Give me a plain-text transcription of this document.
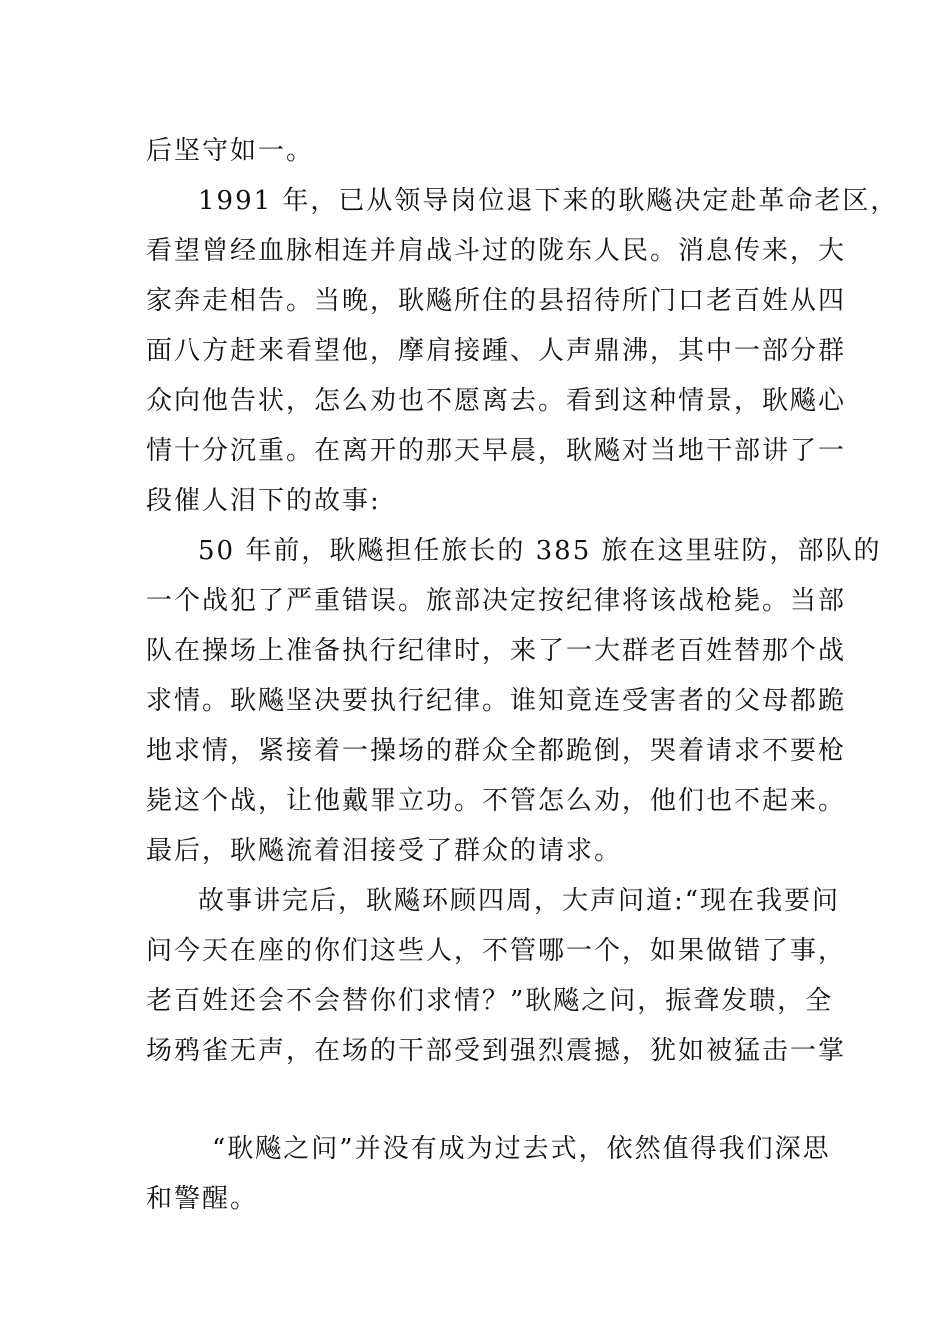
后坚守如一。
1991 年，已从领导岗位退下来的耿飚决定赴革命老区，
看望曾经血脉相连并肩战斗过的陇东人民。消息传来，大
家奔走相告。当晚，耿飚所住的县招待所门口老百姓从四
面八方赶来看望他，摩肩接踵、人声鼎沸，其中一部分群
众向他告状，怎么劝也不愿离去。看到这种情景，耿飚心
情十分沉重。在离开的那天早晨，耿飚对当地干部讲了一
段催人泪下的故事:
50 年前，耿飚担任旅长的 385 旅在这里驻防，部队的
一个战犯了严重错误。旅部决定按纪律将该战枪毙。当部
队在操场上准备执行纪律时，来了一大群老百姓替那个战
求情。耿飚坚决要执行纪律。谁知竟连受害者的父母都跪
地求情，紧接着一操场的群众全都跪倒，哭着请求不要枪
毙这个战，让他戴罪立功。不管怎么劝，他们也不起来。
最后，耿飚流着泪接受了群众的请求。
故事讲完后，耿飚环顾四周，大声问道:“现在我要问
问今天在座的你们这些人，不管哪一个，如果做错了事，
老百姓还会不会替你们求情？”耿飚之问，振聋发聩，全
场鸦雀无声，在场的干部受到强烈震撼，犹如被猛击一掌
“耿飚之问”并没有成为过去式，依然值得我们深思
和警醒。
